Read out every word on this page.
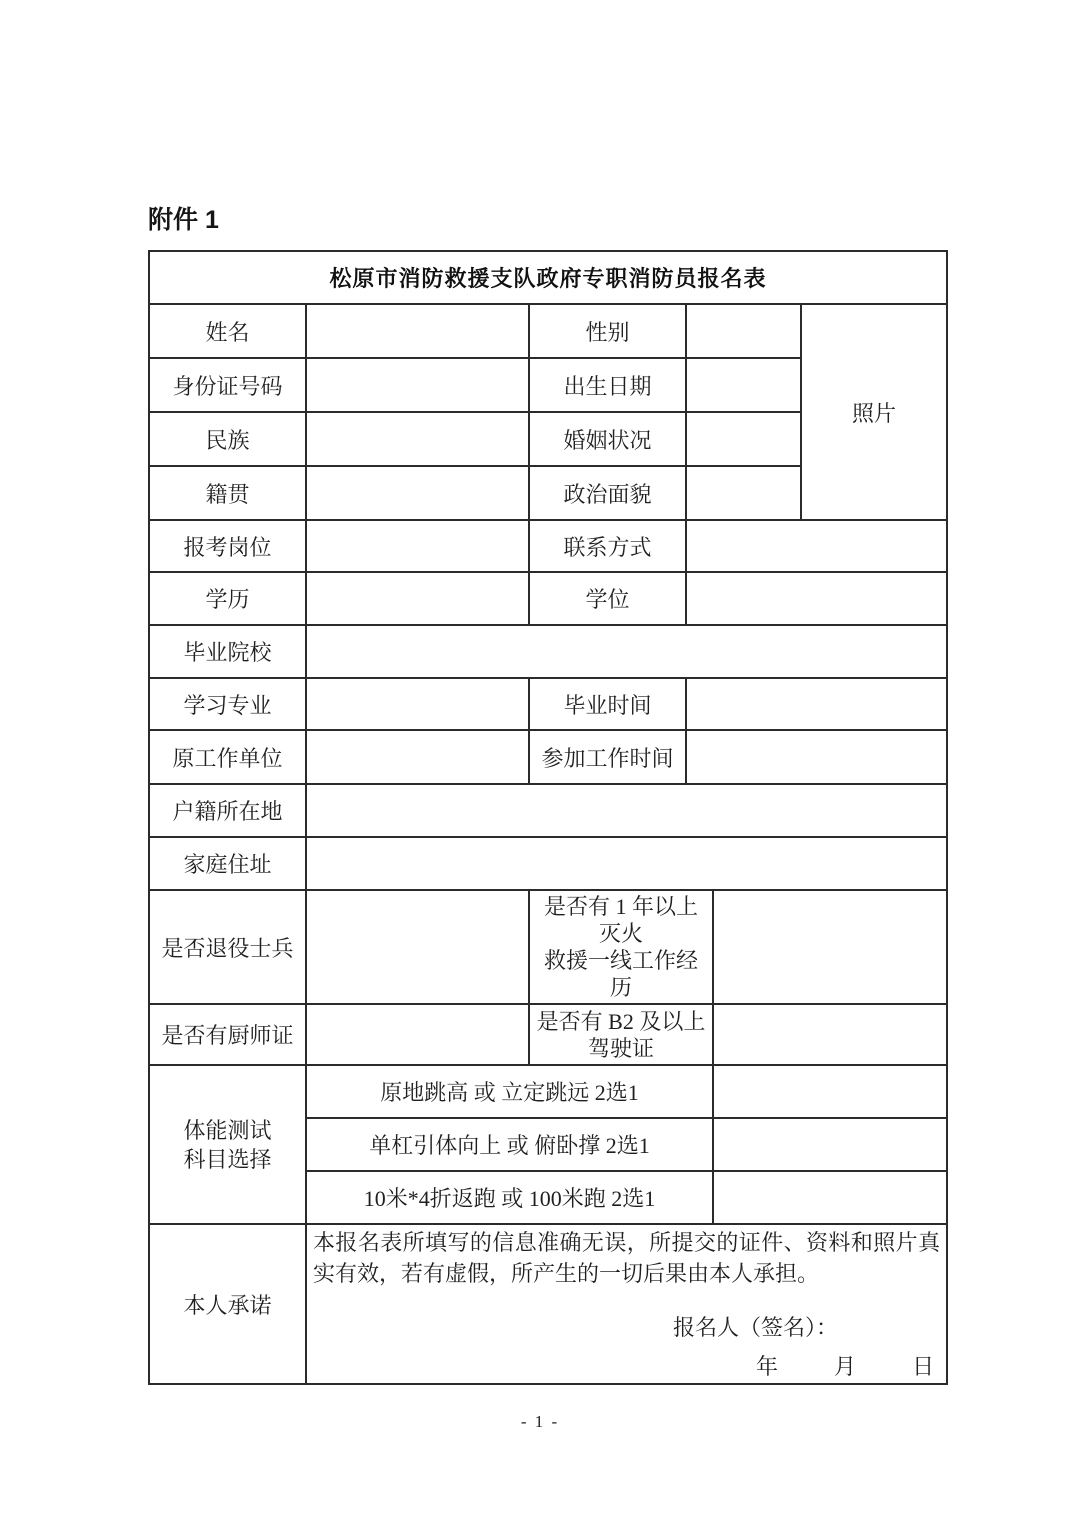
附件 1
松原市消防救援支队政府专职消防员报名表					
姓名		性别			照片
身份证号码		出生日期			
民族		婚姻状况			
籍贯		政治面貌			
报考岗位		联系方式			
学历		学位			
毕业院校					
学习专业		毕业时间			
原工作单位		参加工作时间			
户籍所在地					
家庭住址					
是否退役士兵		是否有 1 年以上灭火
救援一线工作经历			

是否有厨师证		是否有 B2 及以上
驾驶证			

体能测试
科目选择	原地跳高 或 立定跳远 2选1				
	单杠引体向上 或 俯卧撑 2选1				
	10米*4折返跑 或 100米跑 2选1				
本人承诺	本报名表所填写的信息准确无误，所提交的证件、资料和照片真实有效，若有虚假，所产生的一切后果由本人承担。
报名人（签名）：
年 月 日				
- 1 -
